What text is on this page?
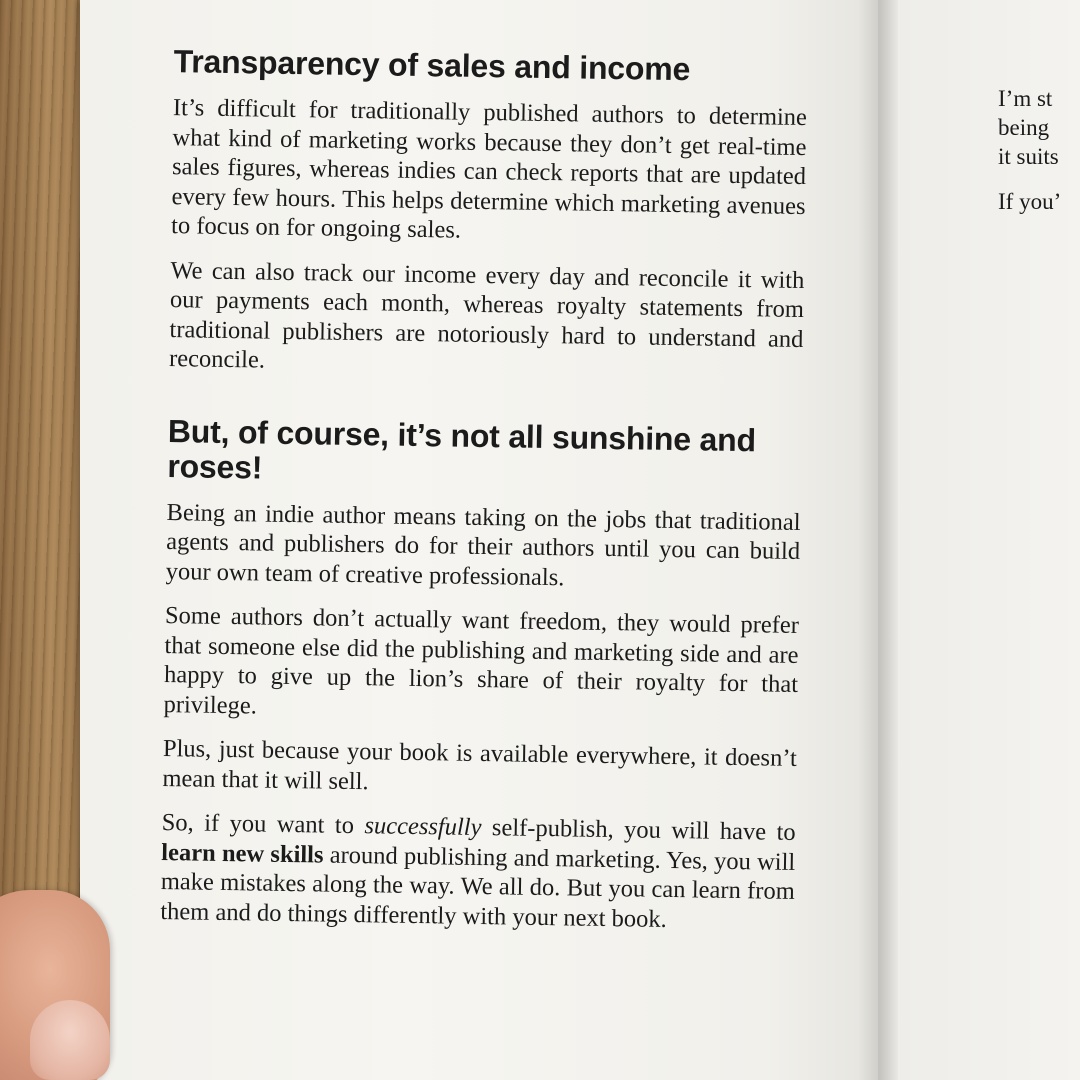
Transparency of sales and income

It’s difficult for traditionally published authors to determine what kind of marketing works because they don’t get real-time sales figures, whereas indies can check reports that are updated every few hours. This helps determine which marketing avenues to focus on for ongoing sales.

We can also track our income every day and reconcile it with our payments each month, whereas royalty statements from traditional publishers are notoriously hard to understand and reconcile.

But, of course, it’s not all sunshine and roses!

Being an indie author means taking on the jobs that traditional agents and publishers do for their authors until you can build your own team of creative professionals.

Some authors don’t actually want freedom, they would prefer that someone else did the publishing and marketing side and are happy to give up the lion’s share of their royalty for that privilege.

Plus, just because your book is available everywhere, it doesn’t mean that it will sell.

So, if you want to successfully self-publish, you will have to learn new skills around publishing and marketing. Yes, you will make mistakes along the way. We all do. But you can learn from them and do things differently with your next book.

I’m st
being
it suits
If you’
